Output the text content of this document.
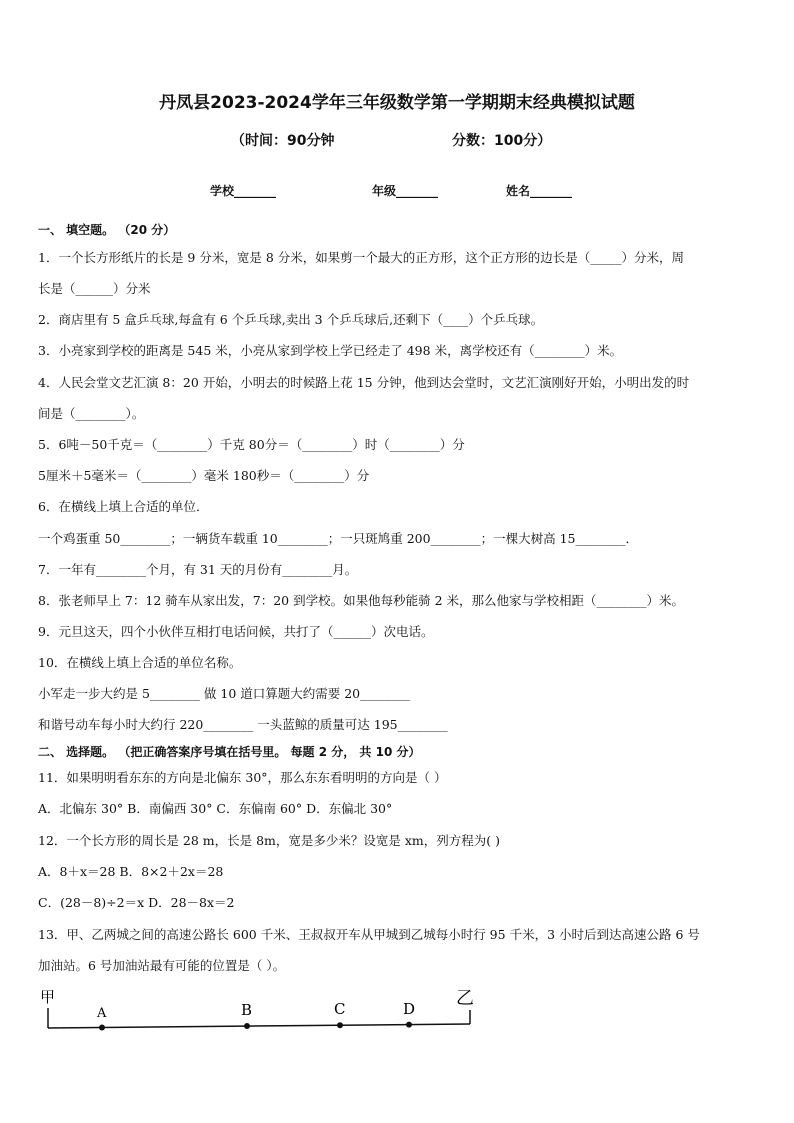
丹凤县2023-2024学年三年级数学第一学期期末经典模拟试题
（时间：90分钟	分数：100分）
学校_______	年级_______	姓名_______
一、 填空题。 （20 分）
1．一个长方形纸片的长是 9 分米，宽是 8 分米，如果剪一个最大的正方形，这个正方形的边长是（_____）分米，周
长是（______）分米
2．商店里有 5 盒乒乓球,每盒有 6 个乒乓球,卖出 3 个乒乓球后,还剩下（____）个乒乓球。
3．小亮家到学校的距离是 545 米，小亮从家到学校上学已经走了 498 米，离学校还有（________）米。
4．人民会堂文艺汇演 8：20 开始，小明去的时候路上花 15 分钟，他到达会堂时，文艺汇演刚好开始，小明出发的时
间是（________）。
5．6吨－50千克＝（________）千克 80分＝（________）时（________）分
5厘米＋5毫米＝（________）毫米 180秒＝（________）分
6．在横线上填上合适的单位．
一个鸡蛋重 50________；一辆货车载重 10________；一只斑鸠重 200________；一棵大树高 15________．
7．一年有________个月，有 31 天的月份有________月。
8．张老师早上 7：12 骑车从家出发，7：20 到学校。如果他每秒能骑 2 米，那么他家与学校相距（________）米。
9．元旦这天，四个小伙伴互相打电话问候，共打了（______）次电话。
10．在横线上填上合适的单位名称。
小军走一步大约是 5________ 做 10 道口算题大约需要 20________
和谐号动车每小时大约行 220________ 一头蓝鲸的质量可达 195________
二、 选择题。 （把正确答案序号填在括号里。 每题 2 分， 共 10 分）
11．如果明明看东东的方向是北偏东 30°，那么东东看明明的方向是（ ）
A．北偏东 30° B．南偏西 30° C．东偏南 60° D．东偏北 30°
12．一个长方形的周长是 28 m，长是 8m，宽是多少米？设宽是 xm，列方程为( )
A．8＋x＝28 B．8×2＋2x＝28
C．(28－8)÷2＝x D．28－8x＝2
13．甲、乙两城之间的高速公路长 600 千米、王叔叔开车从甲城到乙城每小时行 95 千米，3 小时后到达高速公路 6 号
加油站。6 号加油站最有可能的位置是（ ）。
甲	乙
A	B	C	D
